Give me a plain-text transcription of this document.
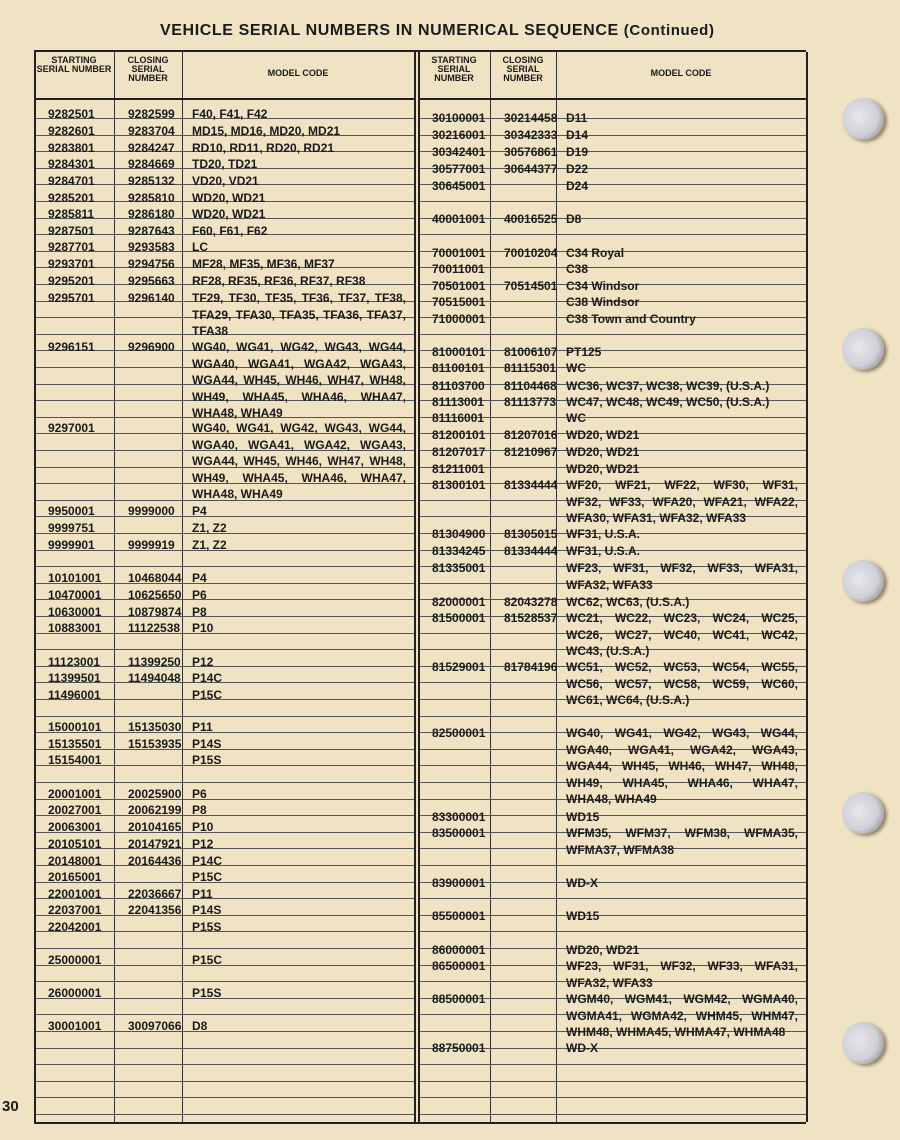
VEHICLE SERIAL NUMBERS IN NUMERICAL SEQUENCE (Continued)
STARTING SERIAL NUMBER
CLOSING SERIAL NUMBER	MODEL CODE
STARTING SERIAL NUMBER
CLOSING SERIAL NUMBER	MODEL CODE
9282501	9282599 F40, F41, F42
9282601	9283704 MD15, MD16, MD20, MD21
9283801	9284247 RD10, RD11, RD20, RD21
9284301	9284669 TD20, TD21
9284701	9285132 VD20, VD21
9285201	9285810 WD20, WD21
9285811	9286180 WD20, WD21
9287501	9287643 F60, F61, F62
9287701	9293583 LC
9293701	9294756 MF28, MF35, MF36, MF37
9295201	9295663 RF28, RF35, RF36, RF37, RF38
9295701	9296140 TF29, TF30, TF35, TF36, TF37, TF38,
TFA29, TFA30, TFA35, TFA36, TFA37,
TFA38
9296151	9296900 WG40, WG41, WG42, WG43, WG44,
WGA40, WGA41, WGA42, WGA43,
WGA44, WH45, WH46, WH47, WH48,
WH49, WHA45, WHA46, WHA47,
WHA48, WHA49
9297001	WG40, WG41, WG42, WG43, WG44,
WGA40, WGA41, WGA42, WGA43,
WGA44, WH45, WH46, WH47, WH48,
WH49, WHA45, WHA46, WHA47,
WHA48, WHA49
9950001	9999000 P4
9999751	Z1, Z2
9999901	9999919 Z1, Z2
10101001 10468044 P4
10470001 10625650 P6
10630001 10879874 P8
10883001 11122538 P10
11123001 11399250 P12
11399501 11494048 P14C
11496001	P15C
15000101 15135030 P11
15135501 15153935 P14S
15154001	P15S
20001001 20025900 P6
20027001 20062199 P8
20063001 20104165 P10
20105101 20147921 P12
20148001 20164436 P14C
20165001	P15C
22001001 22036667 P11
22037001 22041356 P14S
22042001	P15S
25000001	P15C
26000001	P15S
30001001 30097066 D8
30100001 30214458 D11
30216001 30342333 D14
30342401 30576861 D19
30577001 30644377 D22
30645001	D24
40001001 40016525 D8
70001001 70010204 C34 Royal
70011001	C38
70501001 70514501 C34 Windsor
70515001	C38 Windsor
71000001	C38 Town and Country
81000101 81006107 PT125
81100101 81115301 WC
81103700 81104468 WC36, WC37, WC38, WC39, (U.S.A.)
81113001 81113773 WC47, WC48, WC49, WC50, (U.S.A.)
81116001	WC
81200101 81207016 WD20, WD21
81207017 81210967 WD20, WD21
81211001	WD20, WD21
81300101 81334444 WF20, WF21, WF22, WF30, WF31,
WF32, WF33, WFA20, WFA21, WFA22,
WFA30, WFA31, WFA32, WFA33
81304900 81305015 WF31, U.S.A.
81334245 81334444 WF31, U.S.A.
81335001	WF23, WF31, WF32, WF33, WFA31,
WFA32, WFA33
82000001 82043278 WC62, WC63, (U.S.A.)
81500001 81528537 WC21, WC22, WC23, WC24, WC25,
WC26, WC27, WC40, WC41, WC42,
WC43, (U.S.A.)
81529001 81784196 WC51, WC52, WC53, WC54, WC55,
WC56, WC57, WC58, WC59, WC60,
WC61, WC64, (U.S.A.)
82500001	WG40, WG41, WG42, WG43, WG44,
WGA40, WGA41, WGA42, WGA43,
WGA44, WH45, WH46, WH47, WH48,
WH49, WHA45, WHA46, WHA47,
WHA48, WHA49
83300001	WD15
83500001	WFM35, WFM37, WFM38, WFMA35,
WFMA37, WFMA38
83900001	WD-X
85500001	WD15
86000001	WD20, WD21
86500001	WF23, WF31, WF32, WF33, WFA31,
WFA32, WFA33
88500001	WGM40, WGM41, WGM42, WGMA40,
WGMA41, WGMA42, WHM45, WHM47,
WHM48, WHMA45, WHMA47, WHMA48
88750001	WD-X
30
